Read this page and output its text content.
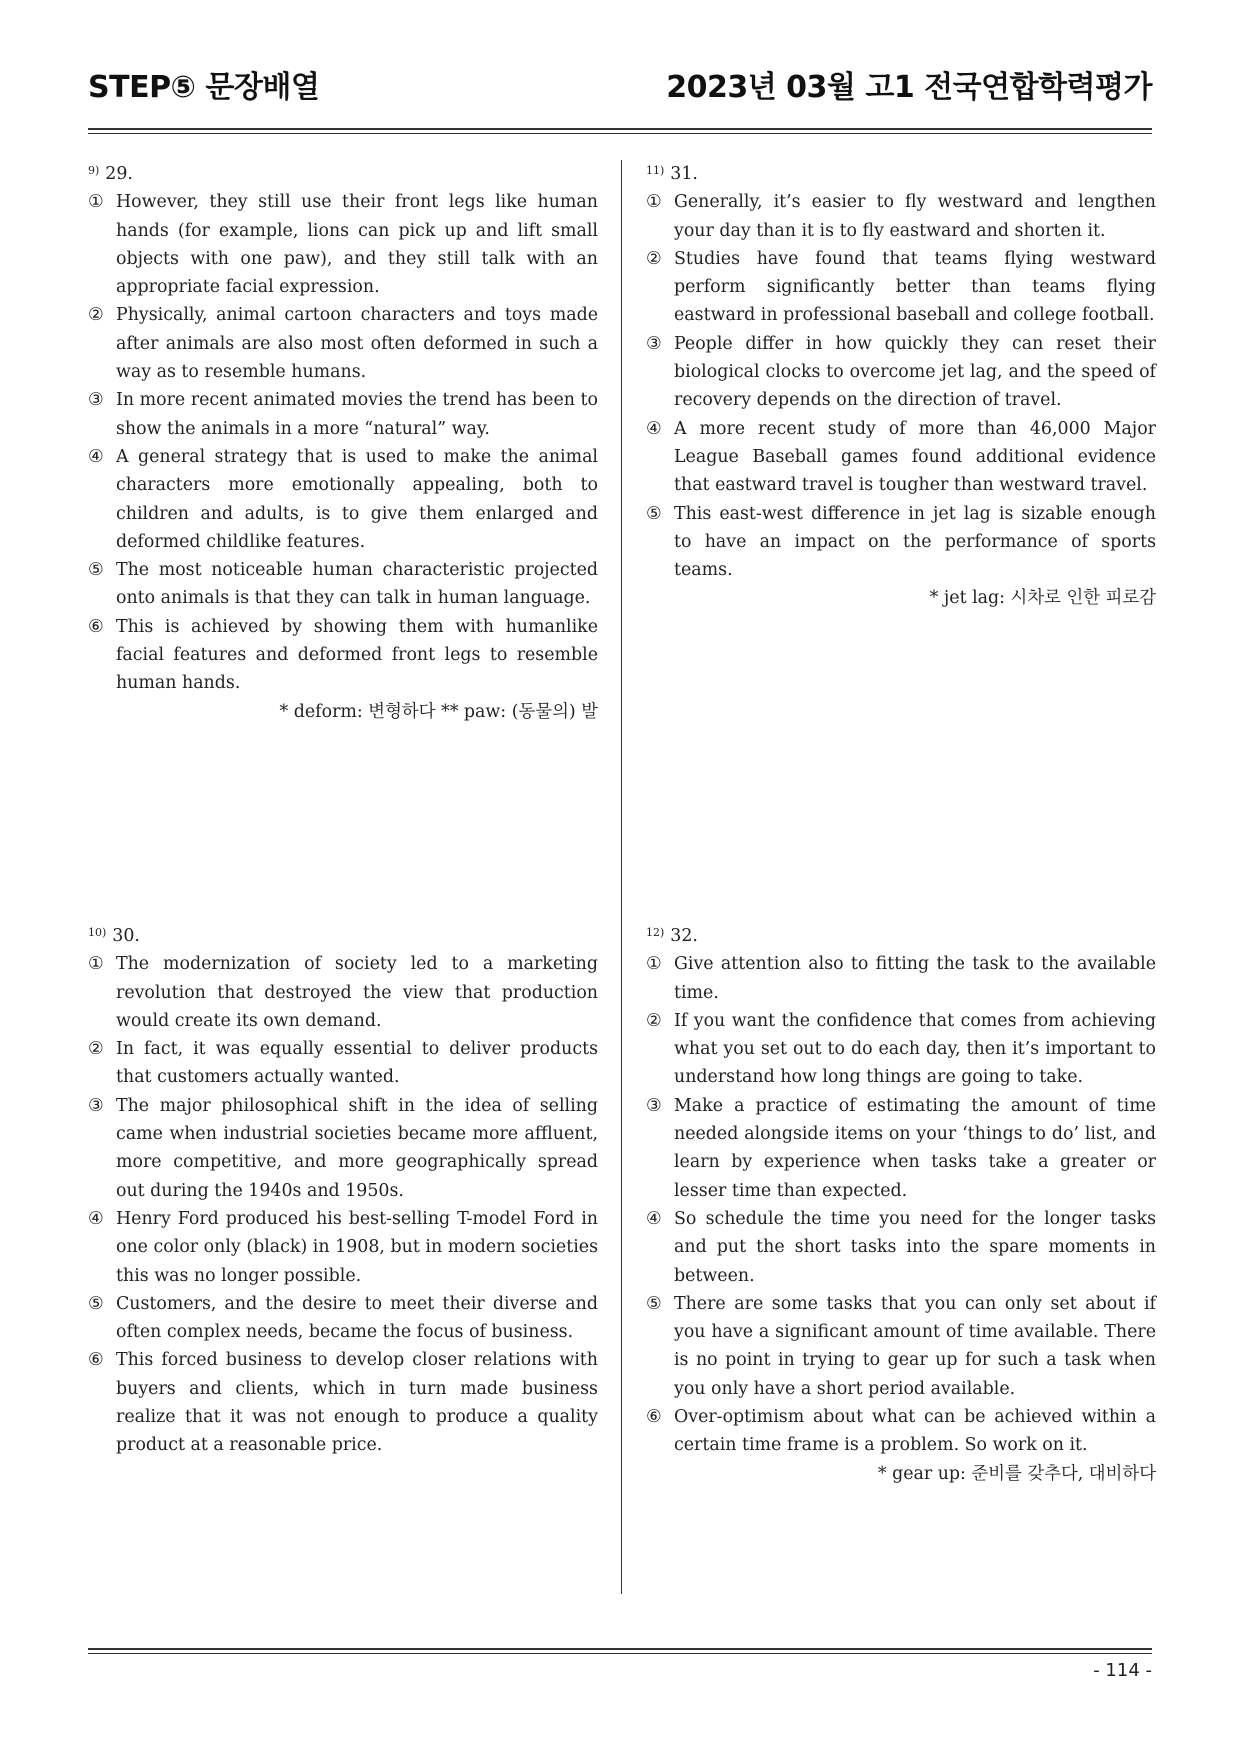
STEP⑤ 문장배열	2023년 03월 고1 전국연합학력평가
$^{9)}$ 29.
① However, they still use their front legs like human hands (for example, lions can pick up and lift small objects with one paw), and they still talk with an appropriate facial expression.
② Physically, animal cartoon characters and toys made after animals are also most often deformed in such a way as to resemble humans.
③ In more recent animated movies the trend has been to show the animals in a more “natural” way.
④ A general strategy that is used to make the animal characters more emotionally appealing, both to children and adults, is to give them enlarged and deformed childlike features.
⑤ The most noticeable human characteristic projected onto animals is that they can talk in human language.
⑥ This is achieved by showing them with humanlike facial features and deformed front legs to resemble human hands.
* deform: 변형하다 ** paw: (동물의) 발
$^{10)}$ 30.
① The modernization of society led to a marketing revolution that destroyed the view that production would create its own demand.
② In fact, it was equally essential to deliver products that customers actually wanted.
③ The major philosophical shift in the idea of selling came when industrial societies became more affluent, more competitive, and more geographically spread out during the 1940s and 1950s.
④ Henry Ford produced his best-selling T-model Ford in one color only (black) in 1908, but in modern societies this was no longer possible.
⑤ Customers, and the desire to meet their diverse and often complex needs, became the focus of business.
⑥ This forced business to develop closer relations with buyers and clients, which in turn made business realize that it was not enough to produce a quality product at a reasonable price.
$^{11)}$ 31.
① Generally, it’s easier to fly westward and lengthen your day than it is to fly eastward and shorten it.
② Studies have found that teams flying westward perform significantly better than teams flying eastward in professional baseball and college football.
③ People differ in how quickly they can reset their biological clocks to overcome jet lag, and the speed of recovery depends on the direction of travel.
④ A more recent study of more than 46,000 Major League Baseball games found additional evidence that eastward travel is tougher than westward travel.
⑤ This east-west difference in jet lag is sizable enough to have an impact on the performance of sports teams.
* jet lag: 시차로 인한 피로감
$^{12)}$ 32.
① Give attention also to fitting the task to the available time.
② If you want the confidence that comes from achieving what you set out to do each day, then it’s important to understand how long things are going to take.
③ Make a practice of estimating the amount of time needed alongside items on your ‘things to do’ list, and learn by experience when tasks take a greater or lesser time than expected.
④ So schedule the time you need for the longer tasks and put the short tasks into the spare moments in between.
⑤ There are some tasks that you can only set about if you have a significant amount of time available. There is no point in trying to gear up for such a task when you only have a short period available.
⑥ Over-optimism about what can be achieved within a certain time frame is a problem. So work on it.
* gear up: 준비를 갖추다, 대비하다
- 114 -
